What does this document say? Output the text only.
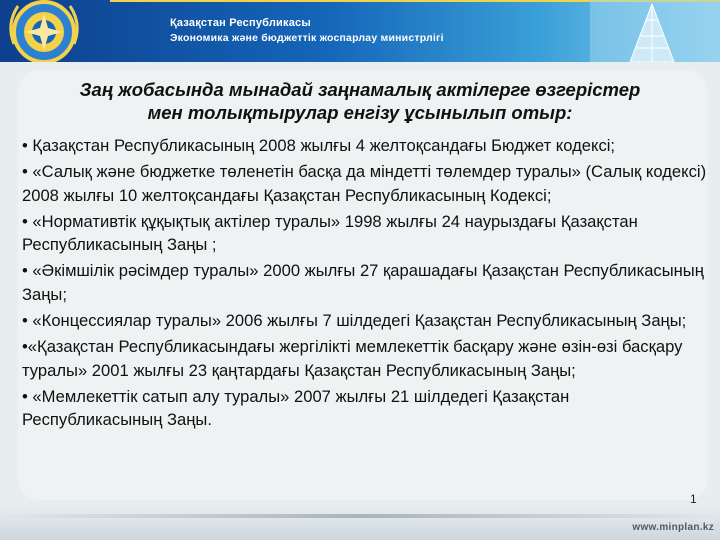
Қазақстан Республикасы
Экономика және бюджеттік жоспарлау министрлігі
Заң жобасында мынадай заңнамалық актілерге өзгерістер
мен толықтырулар енгізу ұсынылып отыр:
• Қазақстан Республикасының 2008 жылғы 4 желтоқсандағы Бюджет кодексі;
• «Салық және бюджетке төленетін басқа да міндетті төлемдер туралы» (Салық кодексі) 2008 жылғы 10 желтоқсандағы Қазақстан Республикасының Кодексі;
• «Нормативтік құқықтық актілер туралы» 1998 жылғы 24 наурыздағы Қазақстан Республикасының Заңы ;
• «Әкімшілік рәсімдер туралы» 2000 жылғы 27 қарашадағы Қазақстан Республикасының Заңы;
• «Концессиялар туралы» 2006 жылғы 7 шілдедегі Қазақстан Республикасының Заңы;
•«Қазақстан Республикасындағы жергілікті мемлекеттік басқару және өзін-өзі басқару туралы» 2001 жылғы 23 қаңтардағы Қазақстан Республикасының Заңы;
• «Мемлекеттік сатып алу туралы» 2007 жылғы 21 шілдедегі Қазақстан Республикасының Заңы.
1
www.minplan.kz
